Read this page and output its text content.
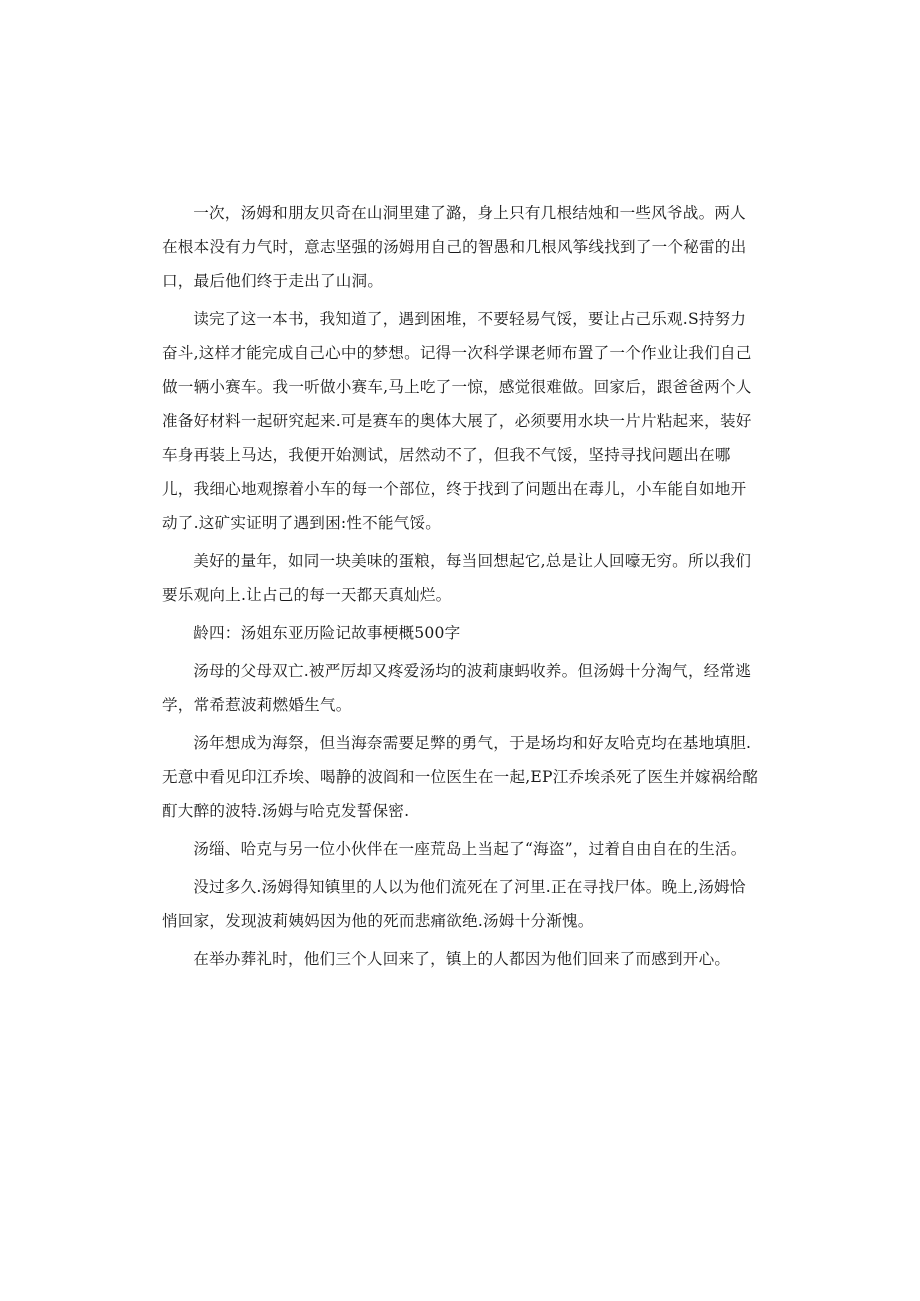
一次，汤姆和朋友贝奇在山洞里建了潞，身上只有几根结烛和一些风爷战。两人在根本没有力气时，意志坚强的汤姆用自己的智愚和几根风筝线找到了一个秘雷的出口，最后他们终于走出了山洞。

读完了这一本书，我知道了，遇到困堆，不要轻易气馁，要让占己乐观.S持努力奋斗,这样才能完成自己心中的梦想。记得一次科学课老师布置了一个作业让我们自己做一辆小赛车。我一听做小赛车,马上吃了一惊，感觉很难做。回家后，跟爸爸两个人准备好材料一起研究起来.可是赛车的奥体大展了，必须要用水块一片片粘起来，装好车身再装上马达，我便开始测试，居然动不了，但我不气馁，坚持寻找问题出在哪儿，我细心地观擦着小车的每一个部位，终于找到了问题出在毒儿，小车能自如地开动了.这矿实证明了遇到困:性不能气馁。

美好的量年，如同一块美味的蛋粮，每当回想起它,总是让人回嚎无穷。所以我们要乐观向上.让占己的每一天都天真灿烂。

龄四：汤姐东亚历险记故事梗概500字

汤母的父母双亡.被严厉却又疼爱汤均的波莉康蚂收养。但汤姆十分淘气，经常逃学，常希惹波莉燃婚生气。

汤年想成为海祭，但当海奈需要足弊的勇气，于是场均和好友哈克均在基地填胆.无意中看见印江乔埃、喝静的波阎和一位医生在一起,EP江乔埃杀死了医生并嫁祸给酩酊大醉的波特.汤姆与哈克发誓保密.

汤缁、哈克与另一位小伙伴在一座荒岛上当起了“海盗”，过着自由自在的生活。

没过多久.汤姆得知镇里的人以为他们流死在了河里.正在寻找尸体。晚上,汤姆恰悄回家，发现波莉姨妈因为他的死而悲痛欲绝.汤姆十分渐愧。

在举办葬礼时，他们三个人回来了，镇上的人都因为他们回来了而感到开心。
